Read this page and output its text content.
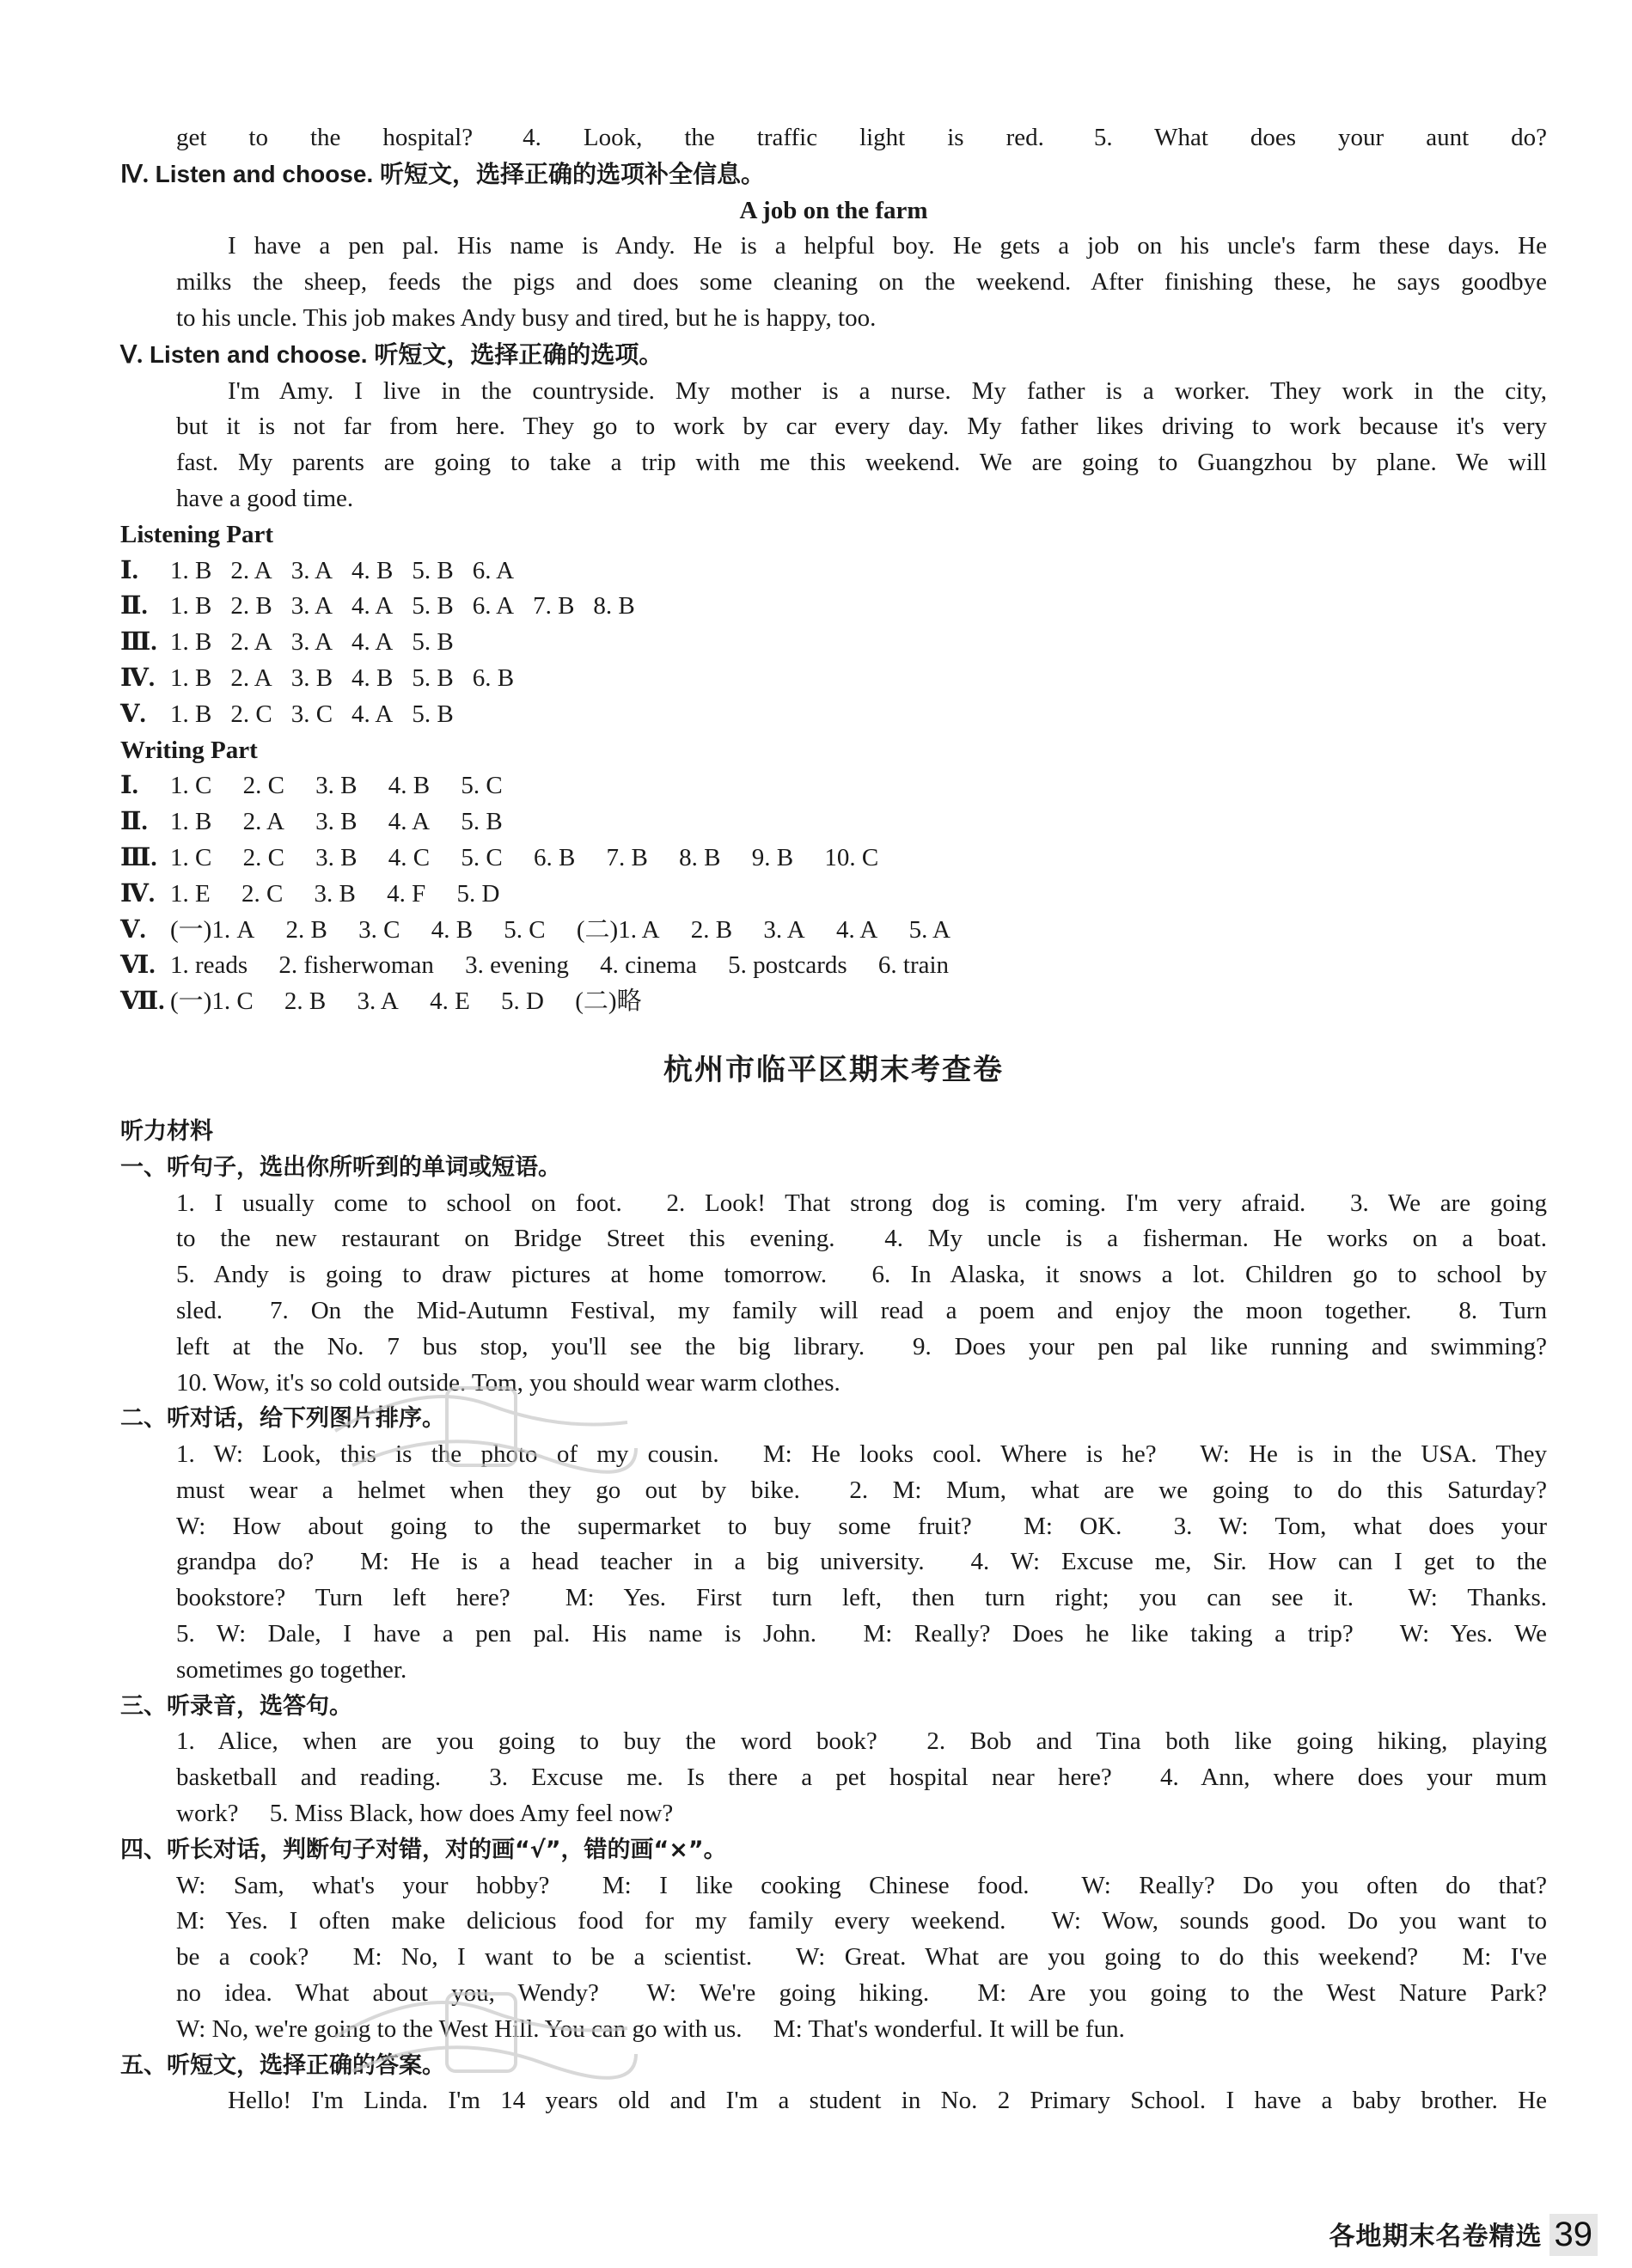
get to the hospital?  4. Look, the traffic light is red.  5. What does your aunt do?
Ⅳ. Listen and choose. 听短文，选择正确的选项补全信息。
A job on the farm
I have a pen pal. His name is Andy. He is a helpful boy. He gets a job on his uncle's farm these days. He
milks the sheep, feeds the pigs and does some cleaning on the weekend. After finishing these, he says goodbye
to his uncle. This job makes Andy busy and tired, but he is happy, too.
Ⅴ. Listen and choose. 听短文，选择正确的选项。
I'm Amy. I live in the countryside. My mother is a nurse. My father is a worker. They work in the city,
but it is not far from here. They go to work by car every day. My father likes driving to work because it's very
fast. My parents are going to take a trip with me this weekend. We are going to Guangzhou by plane. We will
have a good time.
Listening Part
Ⅰ. 1. B 2. A 3. A 4. B 5. B 6. A
Ⅱ. 1. B 2. B 3. A 4. A 5. B 6. A 7. B 8. B
Ⅲ. 1. B 2. A 3. A 4. A 5. B
Ⅳ. 1. B 2. A 3. B 4. B 5. B 6. B
Ⅴ. 1. B 2. C 3. C 4. A 5. B
Writing Part
Ⅰ. 1. C  2. C  3. B  4. B  5. C
Ⅱ. 1. B  2. A  3. B  4. A  5. B
Ⅲ. 1. C  2. C  3. B  4. C  5. C  6. B  7. B  8. B  9. B  10. C
Ⅳ. 1. E  2. C  3. B  4. F  5. D
Ⅴ. (一)1. A  2. B  3. C  4. B  5. C  (二)1. A  2. B  3. A  4. A  5. A
Ⅵ. 1. reads  2. fisherwoman  3. evening  4. cinema  5. postcards  6. train
Ⅶ. (一)1. C  2. B  3. A  4. E  5. D  (二)略
杭州市临平区期末考查卷
听力材料
一、听句子，选出你所听到的单词或短语。
1. I usually come to school on foot.  2. Look! That strong dog is coming. I'm very afraid.  3. We are going
to the new restaurant on Bridge Street this evening.  4. My uncle is a fisherman. He works on a boat.
5. Andy is going to draw pictures at home tomorrow.  6. In Alaska, it snows a lot. Children go to school by
sled.  7. On the Mid-Autumn Festival, my family will read a poem and enjoy the moon together.  8. Turn
left at the No. 7 bus stop, you'll see the big library.  9. Does your pen pal like running and swimming?
10. Wow, it's so cold outside. Tom, you should wear warm clothes.
二、听对话，给下列图片排序。
1. W: Look, this is the photo of my cousin.  M: He looks cool. Where is he?  W: He is in the USA. They
must wear a helmet when they go out by bike.  2. M: Mum, what are we going to do this Saturday?
W: How about going to the supermarket to buy some fruit?  M: OK.  3. W: Tom, what does your
grandpa do?  M: He is a head teacher in a big university.  4. W: Excuse me, Sir. How can I get to the
bookstore? Turn left here?  M: Yes. First turn left, then turn right; you can see it.  W: Thanks.
5. W: Dale, I have a pen pal. His name is John.  M: Really? Does he like taking a trip?  W: Yes. We
sometimes go together.
三、听录音，选答句。
1. Alice, when are you going to buy the word book?  2. Bob and Tina both like going hiking, playing
basketball and reading.  3. Excuse me. Is there a pet hospital near here?  4. Ann, where does your mum
work?  5. Miss Black, how does Amy feel now?
四、听长对话，判断句子对错，对的画“√”，错的画“×”。
W: Sam, what's your hobby?  M: I like cooking Chinese food.  W: Really? Do you often do that?
M: Yes. I often make delicious food for my family every weekend.  W: Wow, sounds good. Do you want to
be a cook?  M: No, I want to be a scientist.  W: Great. What are you going to do this weekend?  M: I've
no idea. What about you, Wendy?  W: We're going hiking.  M: Are you going to the West Nature Park?
W: No, we're going to the West Hill. You can go with us.  M: That's wonderful. It will be fun.
五、听短文，选择正确的答案。
Hello! I'm Linda. I'm 14 years old and I'm a student in No. 2 Primary School. I have a baby brother. He
各地期末名卷精选 39
